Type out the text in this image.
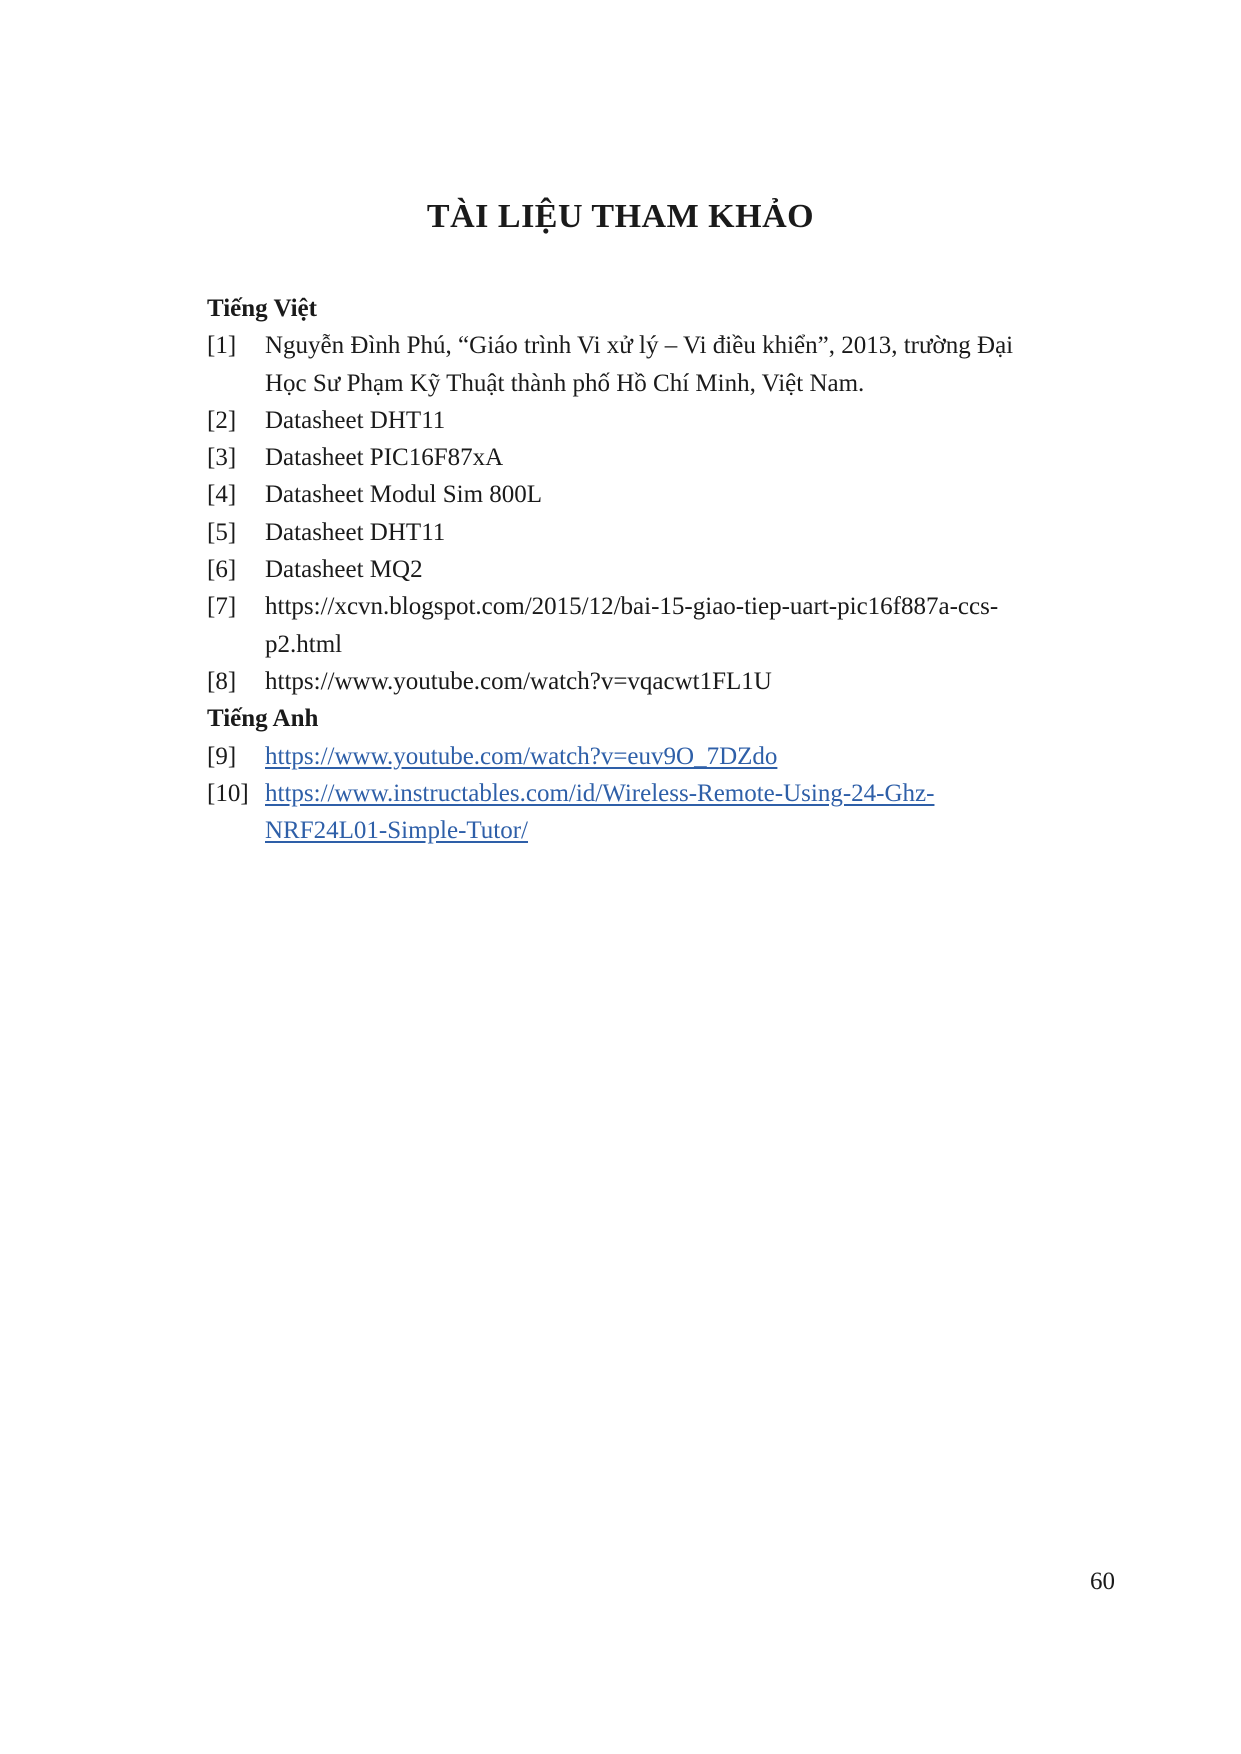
TÀI LIỆU THAM KHẢO

Tiếng Việt

[1]	Nguyễn Đình Phú, “Giáo trình Vi xử lý – Vi điều khiển”, 2013, trường Đại
Học Sư Phạm Kỹ Thuật thành phố Hồ Chí Minh, Việt Nam.
[2]	Datasheet DHT11
[3]	Datasheet PIC16F87xA
[4]	Datasheet Modul Sim 800L
[5]	Datasheet DHT11
[6]	Datasheet MQ2
[7]	https://xcvn.blogspot.com/2015/12/bai-15-giao-tiep-uart-pic16f887a-ccs-
p2.html
[8]	https://www.youtube.com/watch?v=vqacwt1FL1U

Tiếng Anh

[9]	https://www.youtube.com/watch?v=euv9O_7DZdo
[10] https://www.instructables.com/id/Wireless-Remote-Using-24-Ghz-
NRF24L01-Simple-Tutor/
60
